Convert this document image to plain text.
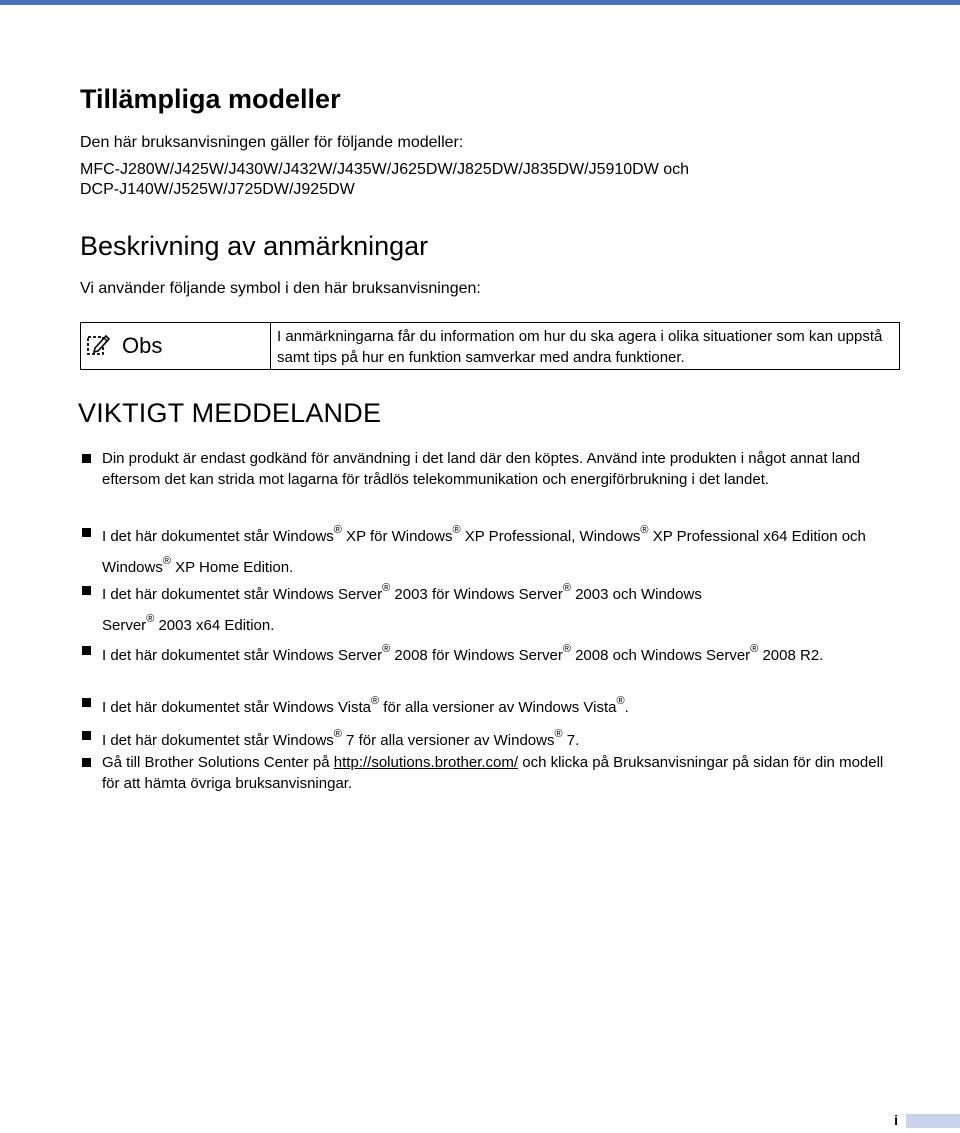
Tillämpliga modeller
Den här bruksanvisningen gäller för följande modeller:
MFC-J280W/J425W/J430W/J432W/J435W/J625DW/J825DW/J835DW/J5910DW och
DCP-J140W/J525W/J725DW/J925DW
Beskrivning av anmärkningar
Vi använder följande symbol i den här bruksanvisningen:
Obs	I anmärkningarna får du information om hur du ska agera i olika situationer som kan uppstå samt tips på hur en funktion samverkar med andra funktioner.
VIKTIGT MEDDELANDE
Din produkt är endast godkänd för användning i det land där den köptes. Använd inte produkten i något annat land eftersom det kan strida mot lagarna för trådlös telekommunikation och energiförbrukning i det landet.
I det här dokumentet står Windows® XP för Windows® XP Professional, Windows® XP Professional x64 Edition och Windows® XP Home Edition.
I det här dokumentet står Windows Server® 2003 för Windows Server® 2003 och Windows Server® 2003 x64 Edition.
I det här dokumentet står Windows Server® 2008 för Windows Server® 2008 och Windows Server® 2008 R2.
I det här dokumentet står Windows Vista® för alla versioner av Windows Vista®.
I det här dokumentet står Windows® 7 för alla versioner av Windows® 7.
Gå till Brother Solutions Center på http://solutions.brother.com/ och klicka på Bruksanvisningar på sidan för din modell för att hämta övriga bruksanvisningar.
i
